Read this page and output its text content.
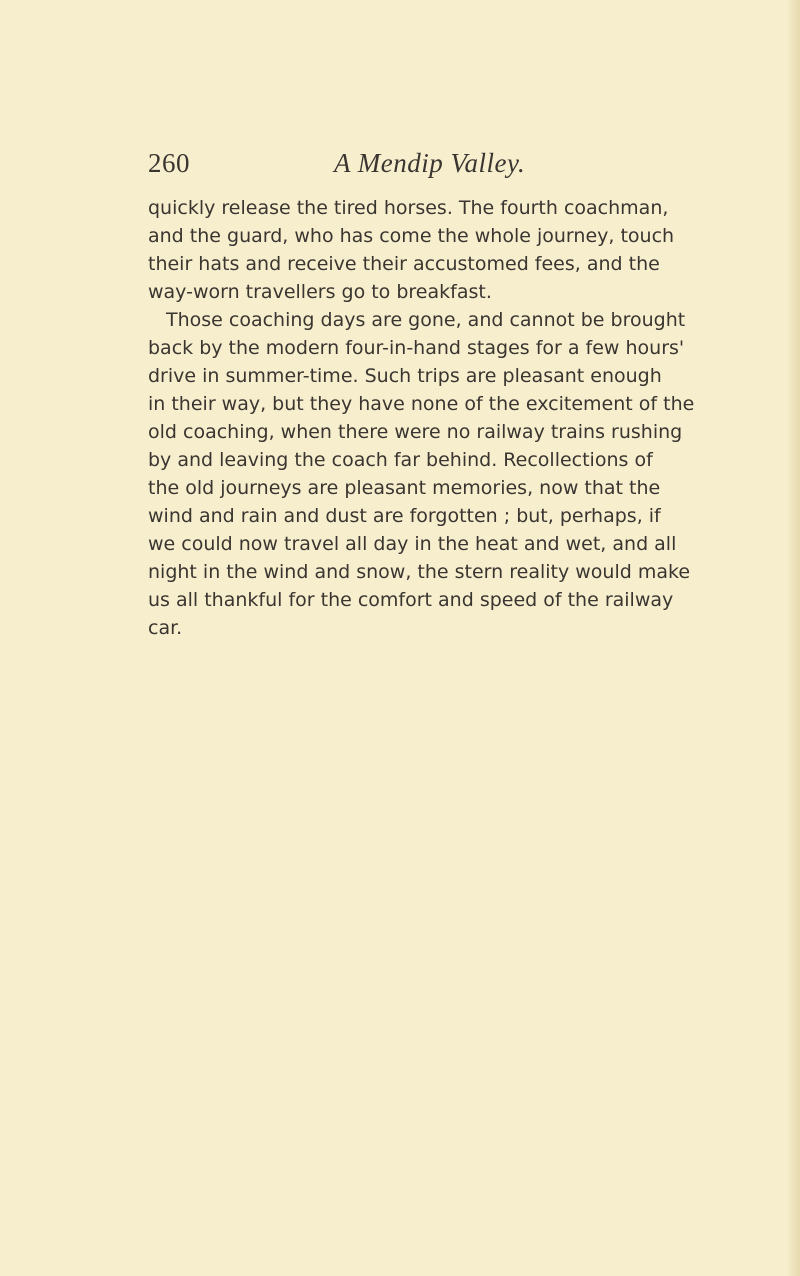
260	A Mendip Valley.
quickly release the tired horses. The fourth coachman,
and the guard, who has come the whole journey, touch
their hats and receive their accustomed fees, and the
way-worn travellers go to breakfast.
Those coaching days are gone, and cannot be brought
back by the modern four-in-hand stages for a few hours'
drive in summer-time. Such trips are pleasant enough
in their way, but they have none of the excitement of the
old coaching, when there were no railway trains rushing
by and leaving the coach far behind. Recollections of
the old journeys are pleasant memories, now that the
wind and rain and dust are forgotten ; but, perhaps, if
we could now travel all day in the heat and wet, and all
night in the wind and snow, the stern reality would make
us all thankful for the comfort and speed of the railway
car.
